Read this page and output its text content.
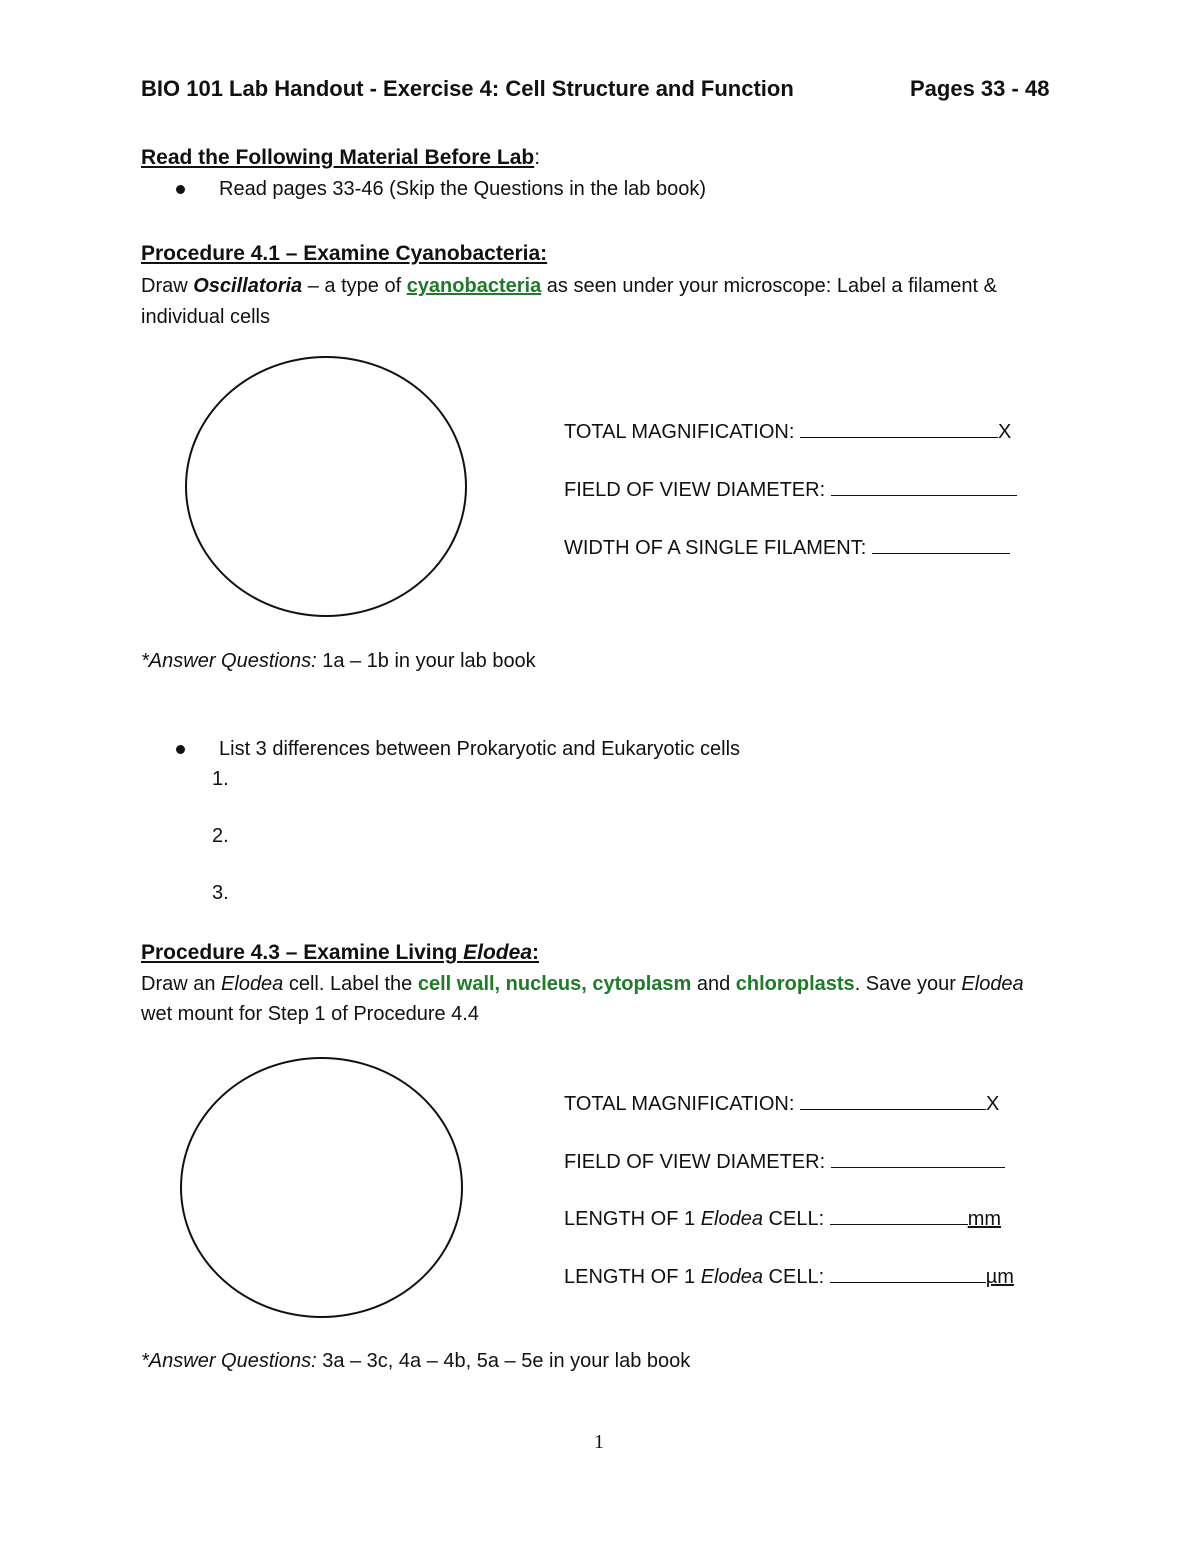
BIO 101 Lab Handout - Exercise 4: Cell Structure and Function	Pages 33 - 48
Read the Following Material Before Lab:
Read pages 33-46 (Skip the Questions in the lab book)
Procedure 4.1 – Examine Cyanobacteria:
Draw Oscillatoria – a type of cyanobacteria as seen under your microscope: Label a filament &
individual cells
TOTAL MAGNIFICATION:	X
FIELD OF VIEW DIAMETER:
WIDTH OF A SINGLE FILAMENT:
*Answer Questions: 1a – 1b in your lab book
List 3 differences between Prokaryotic and Eukaryotic cells
1.
2.
3.
Procedure 4.3 – Examine Living Elodea:
Draw an Elodea cell. Label the cell wall, nucleus, cytoplasm and chloroplasts. Save your Elodea
wet mount for Step 1 of Procedure 4.4
TOTAL MAGNIFICATION:	X
FIELD OF VIEW DIAMETER:
LENGTH OF 1 Elodea CELL:	mm
LENGTH OF 1 Elodea CELL:	µm
*Answer Questions: 3a – 3c, 4a – 4b, 5a – 5e in your lab book
1
